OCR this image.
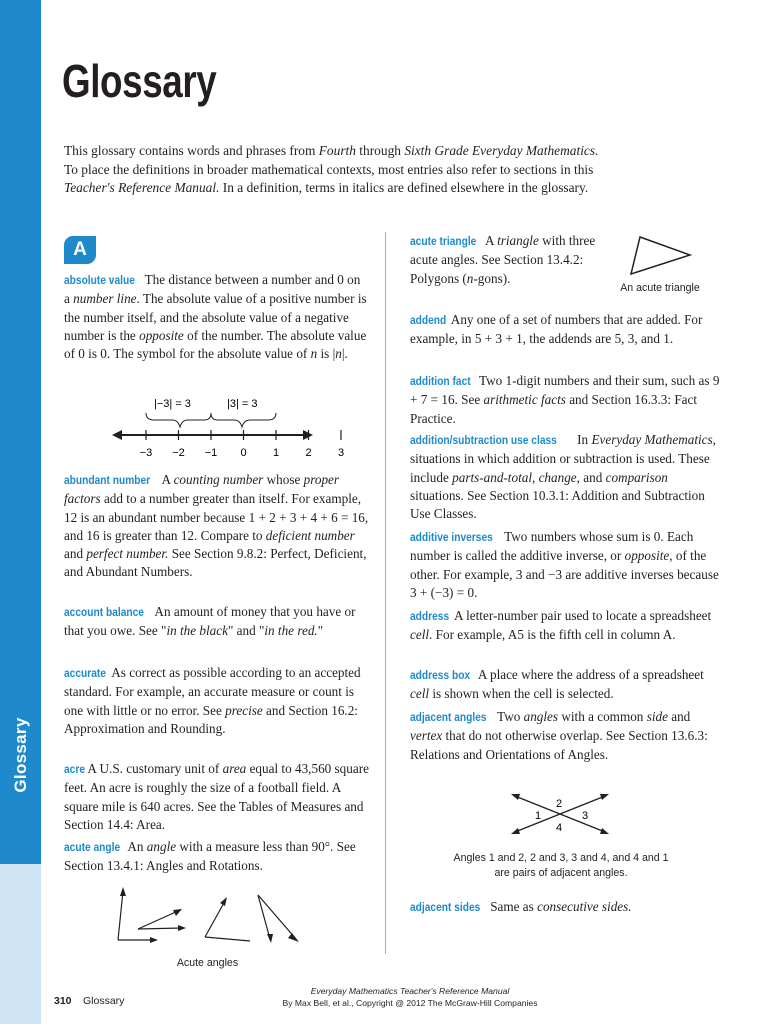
Glossary
Glossary

This glossary contains words and phrases from Fourth through Sixth Grade Everyday Mathematics.
To place the definitions in broader mathematical contexts, most entries also refer to sections in this
Teacher's Reference Manual. In a definition, terms in italics are defined elsewhere in the glossary.

A

absolute value The distance between a number and 0 on a number line. The absolute value of a positive number is the number itself, and the absolute value of a negative number is the opposite of the number. The absolute value of 0 is 0. The symbol for the absolute value of n is |n|.

|−3| = 3	|3| = 3
−3 −2 −1 0 1 2 3

abundant number A counting number whose proper factors add to a number greater than itself. For example, 12 is an abundant number because 1 + 2 + 3 + 4 + 6 = 16, and 16 is greater than 12. Compare to deficient number and perfect number. See Section 9.8.2: Perfect, Deficient, and Abundant Numbers.

account balance An amount of money that you have or that you owe. See "in the black" and "in the red."

accurate As correct as possible according to an accepted standard. For example, an accurate measure or count is one with little or no error. See precise and Section 16.2: Approximation and Rounding.

acre A U.S. customary unit of area equal to 43,560 square feet. An acre is roughly the size of a football field. A square mile is 640 acres. See the Tables of Measures and Section 14.4: Area.

acute angle An angle with a measure less than 90°. See Section 13.4.1: Angles and Rotations.

Acute angles

acute triangle A triangle with three acute angles. See Section 13.4.2: Polygons (n-gons).

An acute triangle

addend Any one of a set of numbers that are added. For example, in 5 + 3 + 1, the addends are 5, 3, and 1.

addition fact Two 1-digit numbers and their sum, such as 9 + 7 = 16. See arithmetic facts and Section 16.3.3: Fact Practice.

addition/subtraction use class In Everyday Mathematics, situations in which addition or subtraction is used. These include parts-and-total, change, and comparison situations. See Section 10.3.1: Addition and Subtraction Use Classes.

additive inverses Two numbers whose sum is 0. Each number is called the additive inverse, or opposite, of the other. For example, 3 and −3 are additive inverses because 3 + (−3) = 0.

address A letter-number pair used to locate a spreadsheet cell. For example, A5 is the fifth cell in column A.

address box A place where the address of a spreadsheet cell is shown when the cell is selected.

adjacent angles Two angles with a common side and vertex that do not otherwise overlap. See Section 13.6.3: Relations and Orientations of Angles.

1
2
3
4
Angles 1 and 2, 2 and 3, 3 and 4, and 4 and 1
are pairs of adjacent angles.

adjacent sides Same as consecutive sides.

310 Glossary
Everyday Mathematics Teacher's Reference Manual
By Max Bell, et al., Copyright @ 2012 The McGraw-Hill Companies
